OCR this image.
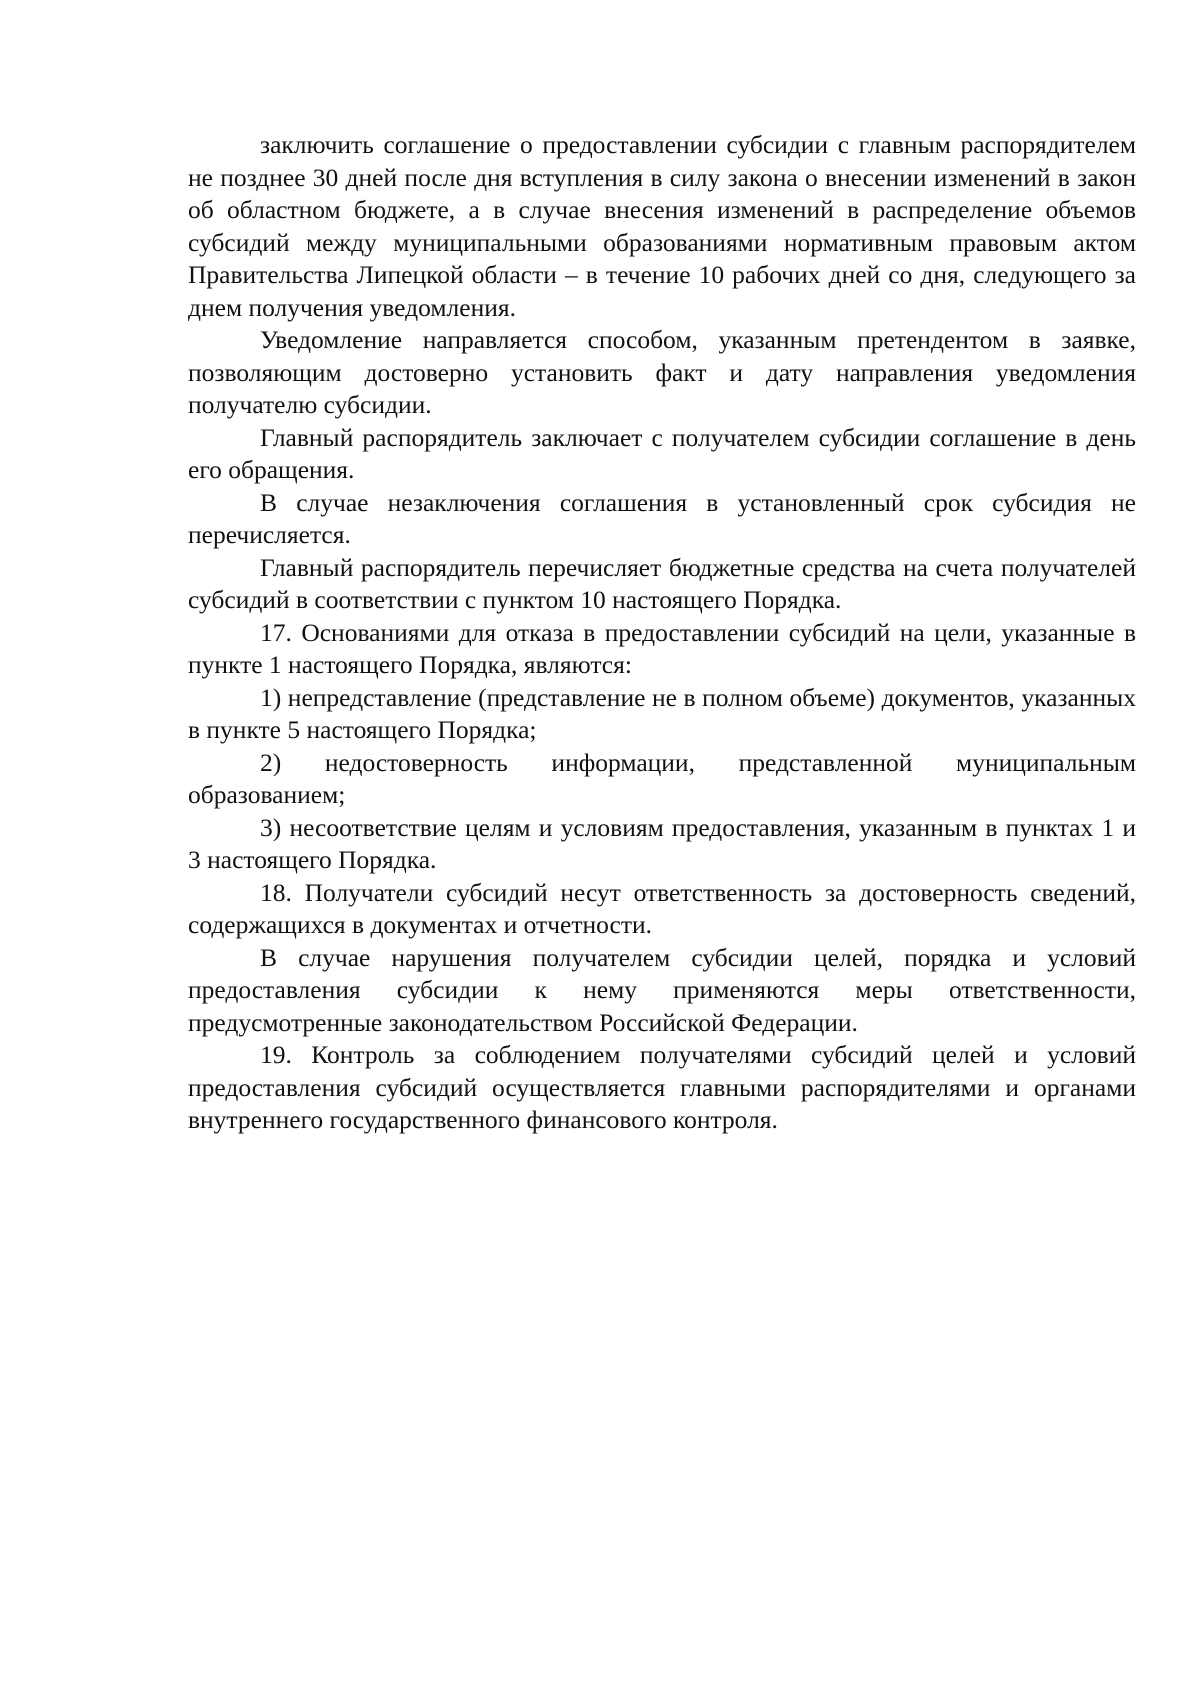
заключить соглашение о предоставлении субсидии с главным распорядителем не позднее 30 дней после дня вступления в силу закона о внесении изменений в закон об областном бюджете, а в случае внесения изменений в распределение объемов субсидий между муниципальными образованиями нормативным правовым актом Правительства Липецкой области – в течение 10 рабочих дней со дня, следующего за днем получения уведомления.

Уведомление направляется способом, указанным претендентом в заявке, позволяющим достоверно установить факт и дату направления уведомления получателю субсидии.

Главный распорядитель заключает с получателем субсидии соглашение в день его обращения.

В случае незаключения соглашения в установленный срок субсидия не перечисляется.

Главный распорядитель перечисляет бюджетные средства на счета получателей субсидий в соответствии с пунктом 10 настоящего Порядка.

17. Основаниями для отказа в предоставлении субсидий на цели, указанные в пункте 1 настоящего Порядка, являются:

1) непредставление (представление не в полном объеме) документов, указанных в пункте 5 настоящего Порядка;

2) недостоверность информации, представленной муниципальным образованием;

3) несоответствие целям и условиям предоставления, указанным в пунктах 1 и 3 настоящего Порядка.

18. Получатели субсидий несут ответственность за достоверность сведений, содержащихся в документах и отчетности.

В случае нарушения получателем субсидии целей, порядка и условий предоставления субсидии к нему применяются меры ответственности, предусмотренные законодательством Российской Федерации.

19. Контроль за соблюдением получателями субсидий целей и условий предоставления субсидий осуществляется главными распорядителями и органами внутреннего государственного финансового контроля.
